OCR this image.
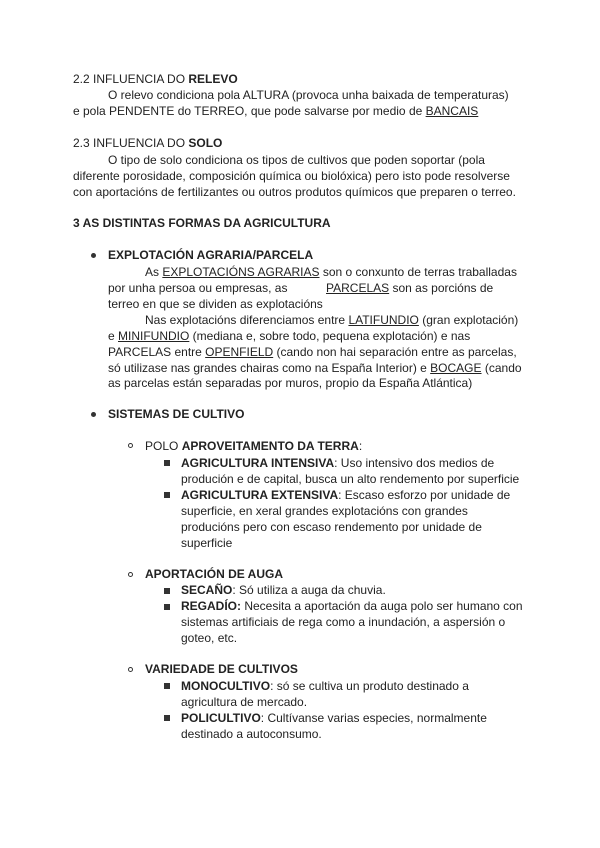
2.2 INFLUENCIA DO RELEVO
O relevo condiciona pola ALTURA (provoca unha baixada de temperaturas)
e pola PENDENTE do TERREO, que pode salvarse por medio de BANCAIS
2.3 INFLUENCIA DO SOLO
O tipo de solo condiciona os tipos de cultivos que poden soportar (pola
diferente porosidade, composición química ou biolóxica) pero isto pode resolverse
con aportacións de fertilizantes ou outros produtos químicos que preparen o terreo.
3 AS DISTINTAS FORMAS DA AGRICULTURA
EXPLOTACIÓN AGRARIA/PARCELA
As EXPLOTACIÓNS AGRARIAS son o conxunto de terras traballadas
por unha persoa ou empresas, as	PARCELAS son as porcións de
terreo en que se dividen as explotacións
Nas explotacións diferenciamos entre LATIFUNDIO (gran explotación)
e MINIFUNDIO (mediana e, sobre todo, pequena explotación) e nas
PARCELAS entre OPENFIELD (cando non hai separación entre as parcelas,
só utilizase nas grandes chairas como na España Interior) e BOCAGE (cando
as parcelas están separadas por muros, propio da España Atlántica)
SISTEMAS DE CULTIVO
POLO APROVEITAMENTO DA TERRA:
AGRICULTURA INTENSIVA: Uso intensivo dos medios de
produción e de capital, busca un alto rendemento por superficie
AGRICULTURA EXTENSIVA: Escaso esforzo por unidade de
superficie, en xeral grandes explotacións con grandes
producións pero con escaso rendemento por unidade de
superficie
APORTACIÓN DE AUGA
SECAÑO: Só utiliza a auga da chuvia.
REGADÍO: Necesita a aportación da auga polo ser humano con
sistemas artificiais de rega como a inundación, a aspersión o
goteo, etc.
VARIEDADE DE CULTIVOS
MONOCULTIVO: só se cultiva un produto destinado a
agricultura de mercado.
POLICULTIVO: Cultívanse varias especies, normalmente
destinado a autoconsumo.
